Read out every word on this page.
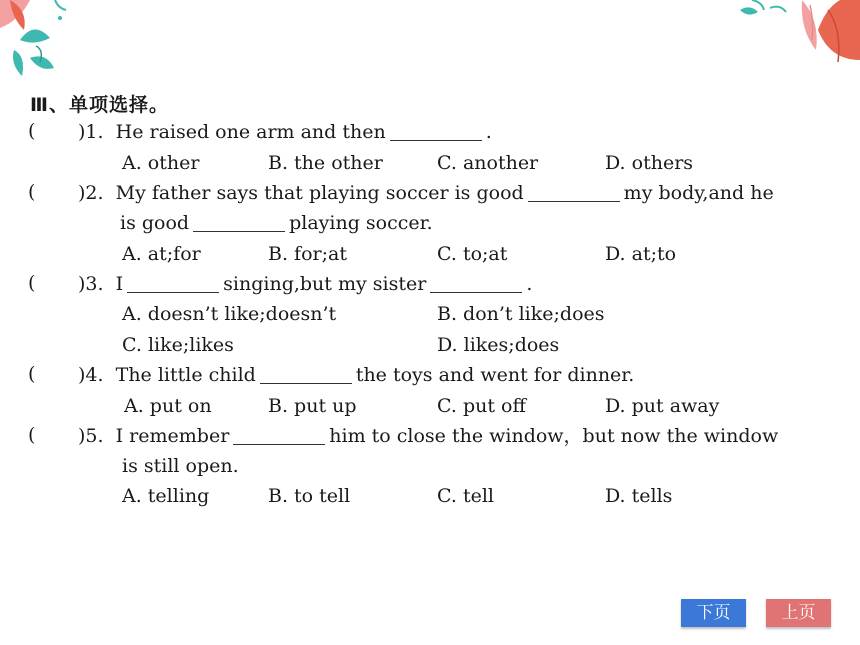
Ⅲ、单项选择。
(	)1. He raised one arm and then	.
A. other	B. the other	C. another	D. others
(	)2. My father says that playing soccer is good	my body,and he
is good	playing soccer.
A. at;for	B. for;at	C. to;at	D. at;to
(	)3. I	singing,but my sister	.
A. doesn’t like;doesn’t	B. don’t like;does
C. like;likes	D. likes;does
(	)4. The little child	the toys and went for dinner.
A. put on	B. put up	C. put off	D. put away
(	)5. I remember	him to close the window，but now the window
is still open.
A. telling	B. to tell	C. tell	D. tells
下页	上页
